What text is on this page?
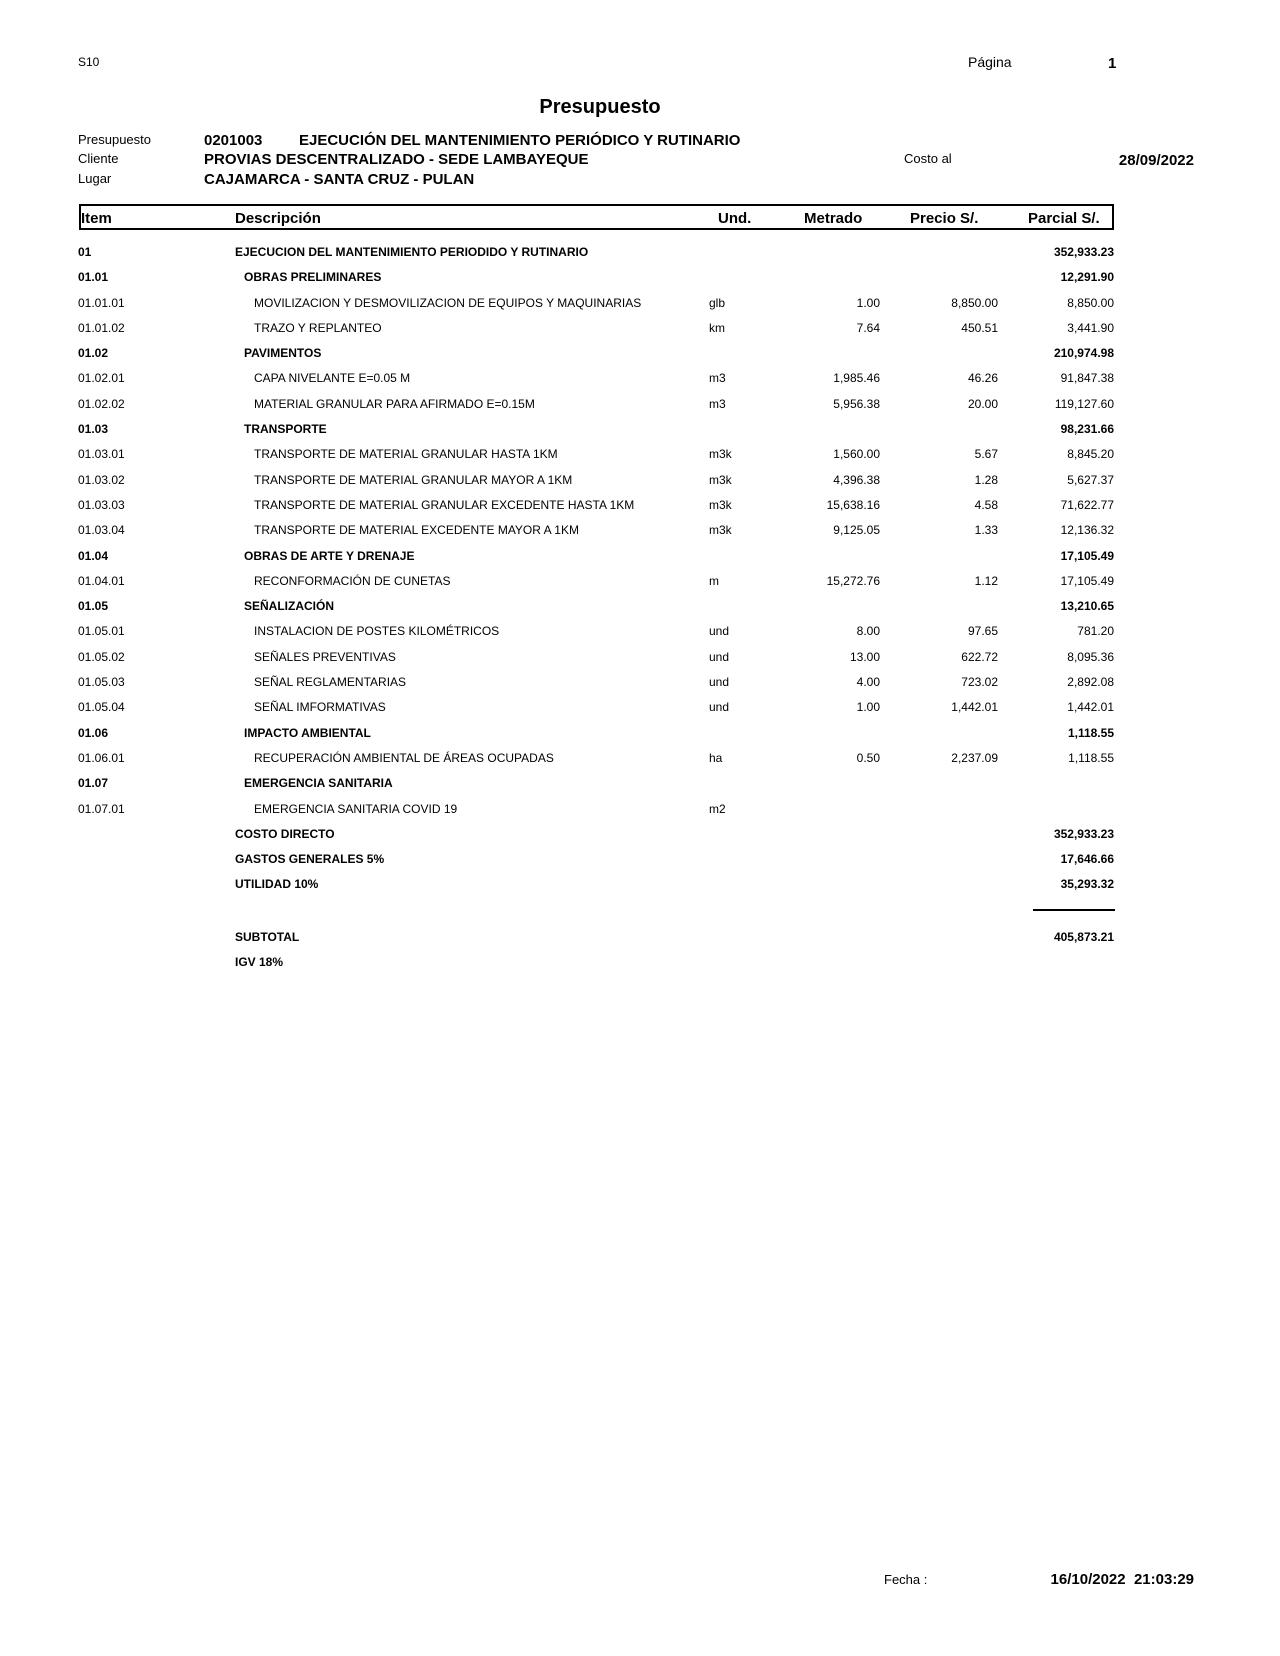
S10	Página	1
Presupuesto
Presupuesto	0201003 EJECUCIÓN DEL MANTENIMIENTO PERIÓDICO Y RUTINARIO
Cliente	PROVIAS DESCENTRALIZADO - SEDE LAMBAYEQUE	Costo al	28/09/2022
Lugar	CAJAMARCA - SANTA CRUZ - PULAN
Item	Descripción	Und.	Metrado	Precio S/.	Parcial S/.
01	EJECUCION DEL MANTENIMIENTO PERIODIDO Y RUTINARIO	352,933.23
01.01	OBRAS PRELIMINARES	12,291.90
01.01.01	MOVILIZACION Y DESMOVILIZACION DE EQUIPOS Y MAQUINARIAS	glb	1.00	8,850.00	8,850.00
01.01.02	TRAZO Y REPLANTEO	km	7.64	450.51	3,441.90
01.02	PAVIMENTOS	210,974.98
01.02.01	CAPA NIVELANTE E=0.05 M	m3	1,985.46	46.26	91,847.38
01.02.02	MATERIAL GRANULAR PARA AFIRMADO E=0.15M	m3	5,956.38	20.00	119,127.60
01.03	TRANSPORTE	98,231.66
01.03.01	TRANSPORTE DE MATERIAL GRANULAR HASTA 1KM	m3k	1,560.00	5.67	8,845.20
01.03.02	TRANSPORTE DE MATERIAL GRANULAR MAYOR A 1KM	m3k	4,396.38	1.28	5,627.37
01.03.03	TRANSPORTE DE MATERIAL GRANULAR EXCEDENTE HASTA 1KM	m3k	15,638.16	4.58	71,622.77
01.03.04	TRANSPORTE DE MATERIAL EXCEDENTE MAYOR A 1KM	m3k	9,125.05	1.33	12,136.32
01.04	OBRAS DE ARTE Y DRENAJE	17,105.49
01.04.01	RECONFORMACIÓN DE CUNETAS	m	15,272.76	1.12	17,105.49
01.05	SEÑALIZACIÓN	13,210.65
01.05.01	INSTALACION DE POSTES KILOMÉTRICOS	und	8.00	97.65	781.20
01.05.02	SEÑALES PREVENTIVAS	und	13.00	622.72	8,095.36
01.05.03	SEÑAL REGLAMENTARIAS	und	4.00	723.02	2,892.08
01.05.04	SEÑAL IMFORMATIVAS	und	1.00	1,442.01	1,442.01
01.06	IMPACTO AMBIENTAL	1,118.55
01.06.01	RECUPERACIÓN AMBIENTAL DE ÁREAS OCUPADAS	ha	0.50	2,237.09	1,118.55
01.07	EMERGENCIA SANITARIA
01.07.01	EMERGENCIA SANITARIA COVID 19	m2
COSTO DIRECTO	352,933.23
GASTOS GENERALES 5%	17,646.66
UTILIDAD 10%	35,293.32
SUBTOTAL	405,873.21
IGV 18%
Fecha :	16/10/2022  21:03:29
